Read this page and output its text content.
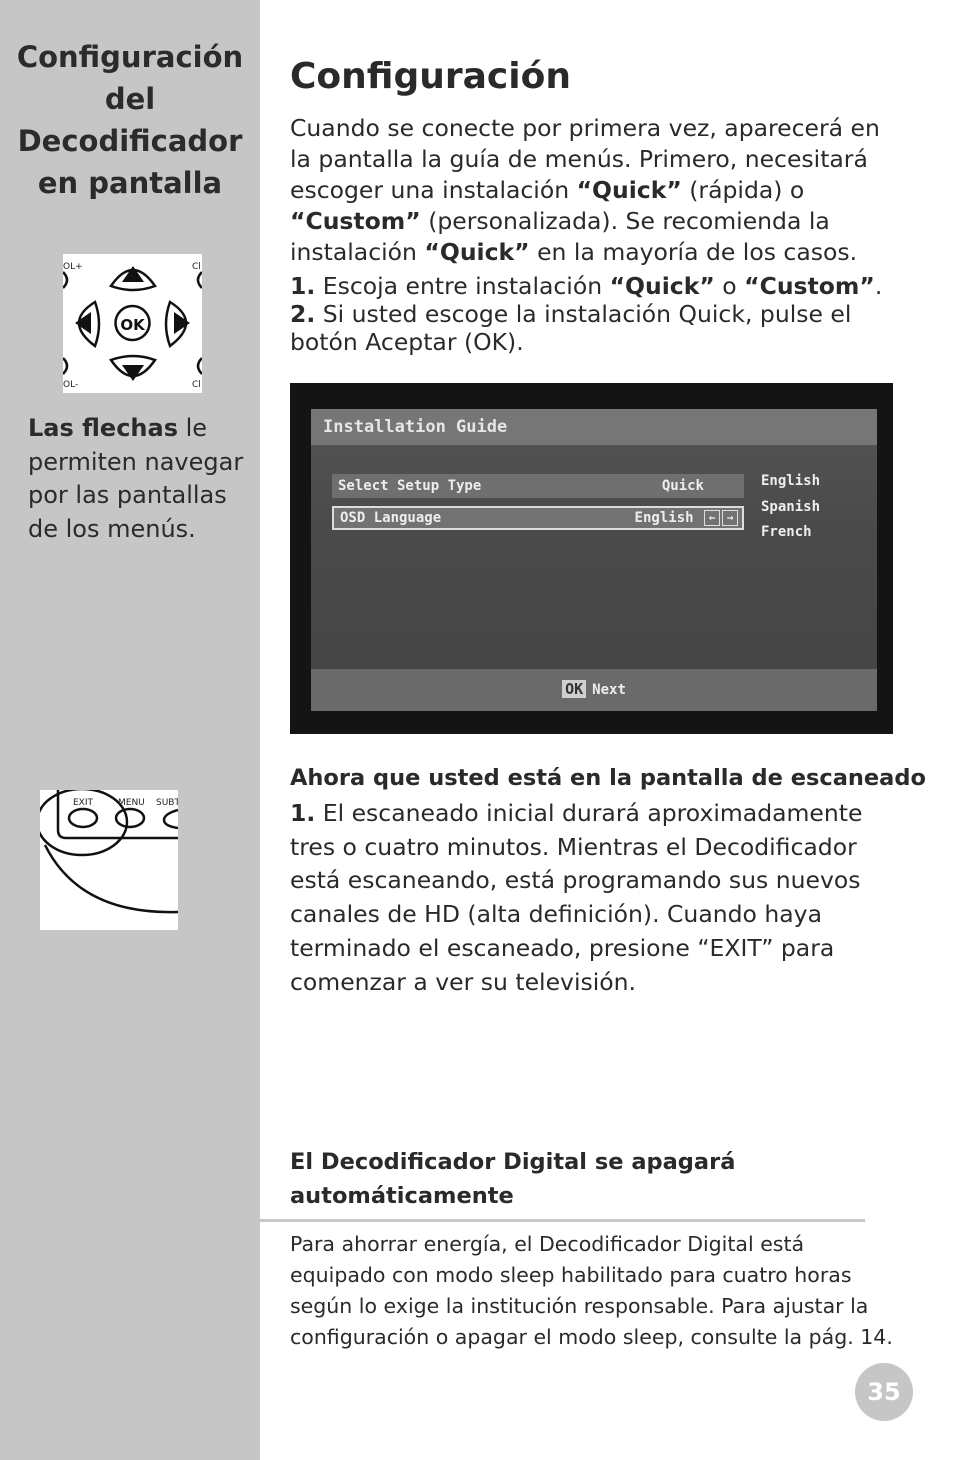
Configuración
del
Decodificador
en pantalla
OK
OL+
OL-
Cl
Cl
Las flechas le
permiten navegar
por las pantallas
de los menús.
EXIT	MENU SUBT
Configuración
Cuando se conecte por primera vez, aparecerá en
la pantalla la guía de menús. Primero, necesitará
escoger una instalación “Quick” (rápida) o
“Custom” (personalizada). Se recomienda la
instalación “Quick” en la mayoría de los casos.
1. Escoja entre instalación “Quick” o “Custom”.
2. Si usted escoge la instalación Quick, pulse el
botón Aceptar (OK).
Installation Guide
Select Setup Type	Quick
OSD Language	English ← →
English
Spanish
French
OK Next
Ahora que usted está en la pantalla de escaneado
1. El escaneado inicial durará aproximadamente
tres o cuatro minutos. Mientras el Decodificador
está escaneando, está programando sus nuevos
canales de HD (alta definición). Cuando haya
terminado el escaneado, presione “EXIT” para
comenzar a ver su televisión.
El Decodificador Digital se apagará
automáticamente
Para ahorrar energía, el Decodificador Digital está
equipado con modo sleep habilitado para cuatro horas
según lo exige la institución responsable. Para ajustar la
configuración o apagar el modo sleep, consulte la pág. 14.
35
